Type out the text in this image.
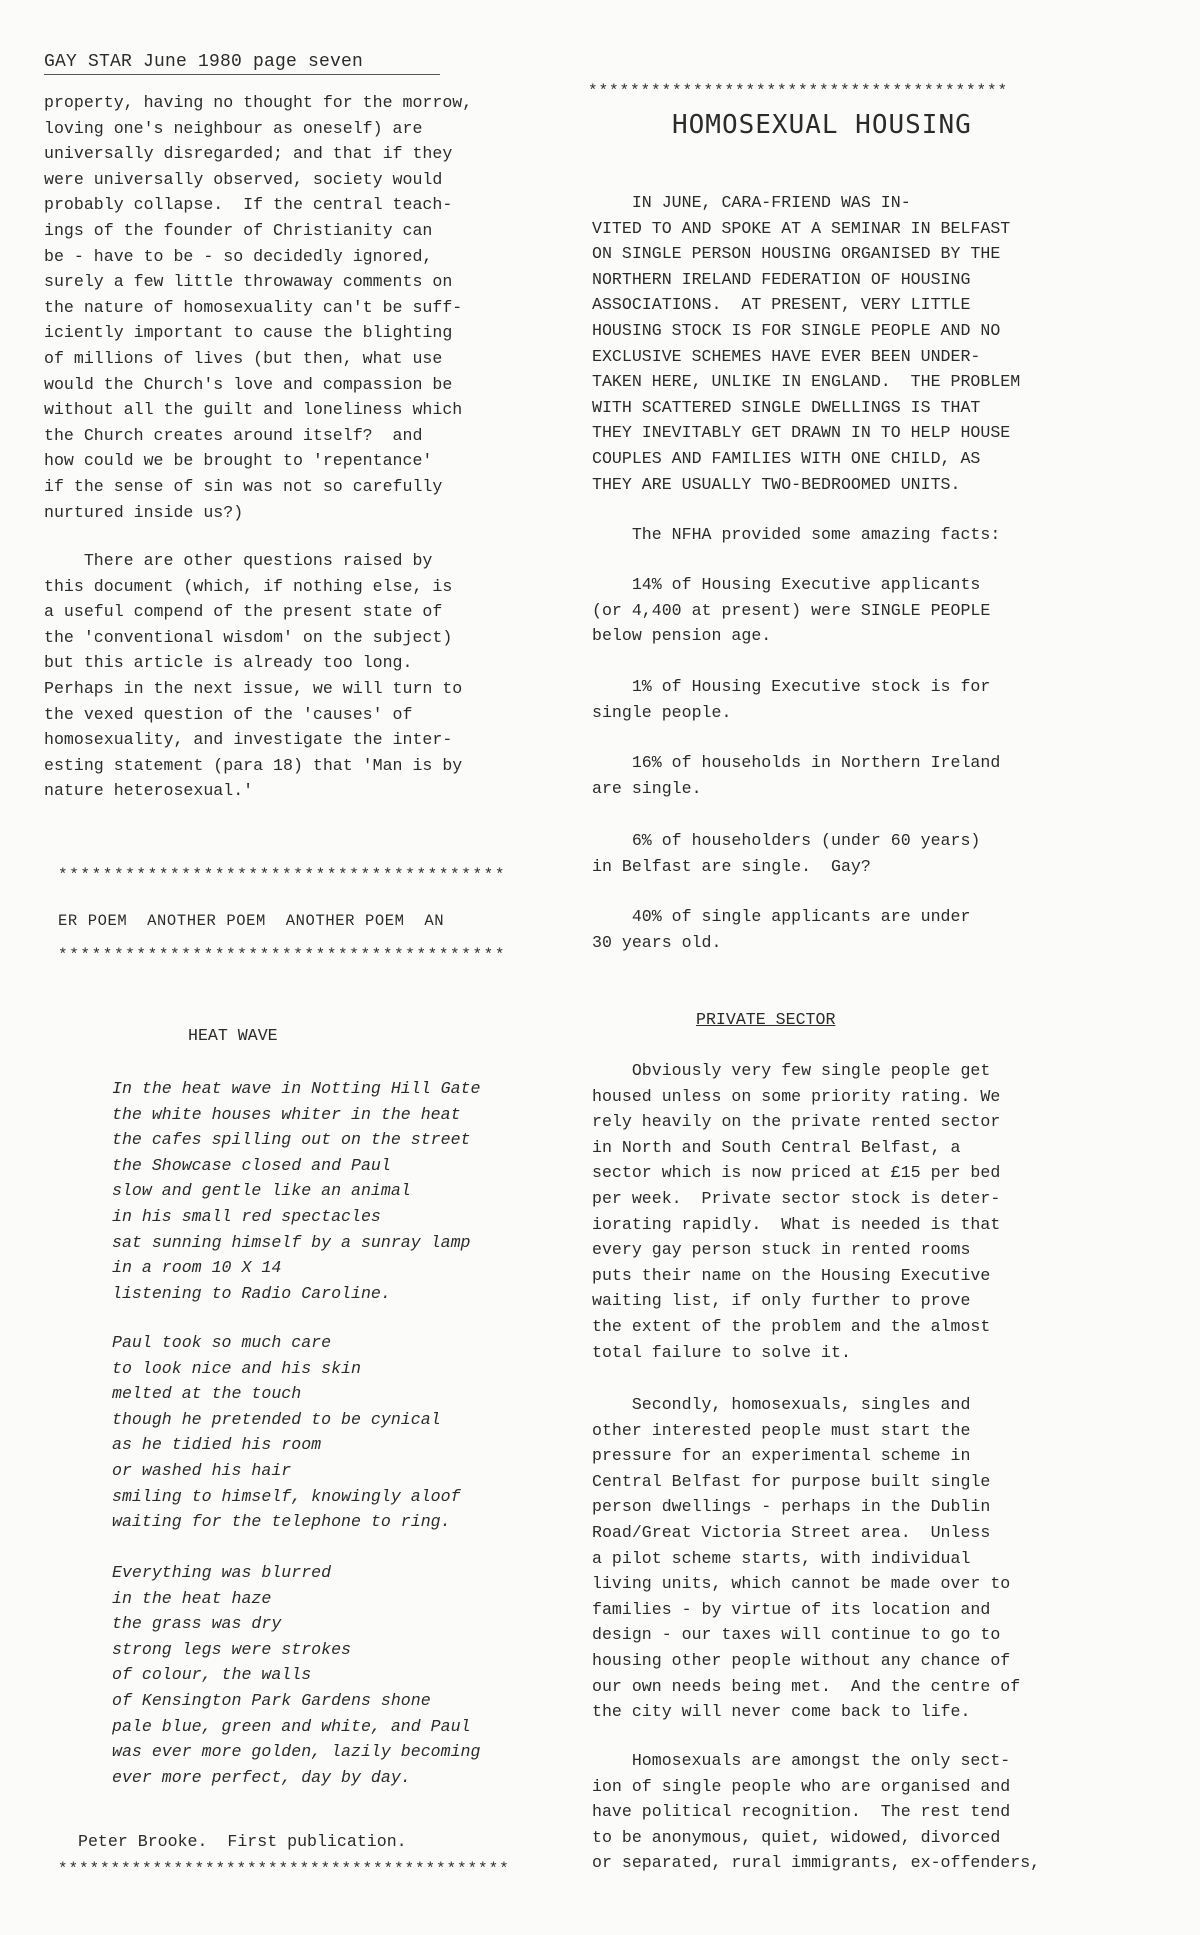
GAY STAR June 1980 page seven
property, having no thought for the morrow,
loving one's neighbour as oneself) are
universally disregarded; and that if they
were universally observed, society would
probably collapse.  If the central teach-
ings of the founder of Christianity can
be - have to be - so decidedly ignored,
surely a few little throwaway comments on
the nature of homosexuality can't be suff-
iciently important to cause the blighting
of millions of lives (but then, what use
would the Church's love and compassion be
without all the guilt and loneliness which
the Church creates around itself?  and
how could we be brought to 'repentance'
if the sense of sin was not so carefully
nurtured inside us?)
There are other questions raised by
this document (which, if nothing else, is
a useful compend of the present state of
the 'conventional wisdom' on the subject)
but this article is already too long.
Perhaps in the next issue, we will turn to
the vexed question of the 'causes' of
homosexuality, and investigate the inter-
esting statement (para 18) that 'Man is by
nature heterosexual.'
****************************************
ER POEM  ANOTHER POEM  ANOTHER POEM  AN
****************************************
HEAT WAVE
In the heat wave in Notting Hill Gate
the white houses whiter in the heat
the cafes spilling out on the street
the Showcase closed and Paul
slow and gentle like an animal
in his small red spectacles
sat sunning himself by a sunray lamp
in a room 10 X 14
listening to Radio Caroline.
Paul took so much care
to look nice and his skin
melted at the touch
though he pretended to be cynical
as he tidied his room
or washed his hair
smiling to himself, knowingly aloof
waiting for the telephone to ring.
Everything was blurred
in the heat haze
the grass was dry
strong legs were strokes
of colour, the walls
of Kensington Park Gardens shone
pale blue, green and white, and Paul
was ever more golden, lazily becoming
ever more perfect, day by day.
Peter Brooke.  First publication.
*******************************************
****************************************
HOMOSEXUAL HOUSING
IN JUNE, CARA-FRIEND WAS IN-
VITED TO AND SPOKE AT A SEMINAR IN BELFAST
ON SINGLE PERSON HOUSING ORGANISED BY THE
NORTHERN IRELAND FEDERATION OF HOUSING
ASSOCIATIONS.  AT PRESENT, VERY LITTLE
HOUSING STOCK IS FOR SINGLE PEOPLE AND NO
EXCLUSIVE SCHEMES HAVE EVER BEEN UNDER-
TAKEN HERE, UNLIKE IN ENGLAND.  THE PROBLEM
WITH SCATTERED SINGLE DWELLINGS IS THAT
THEY INEVITABLY GET DRAWN IN TO HELP HOUSE
COUPLES AND FAMILIES WITH ONE CHILD, AS
THEY ARE USUALLY TWO-BEDROOMED UNITS.
The NFHA provided some amazing facts:
14% of Housing Executive applicants
(or 4,400 at present) were SINGLE PEOPLE
below pension age.
1% of Housing Executive stock is for
single people.
16% of households in Northern Ireland
are single.
6% of householders (under 60 years)
in Belfast are single.  Gay?
40% of single applicants are under
30 years old.
PRIVATE SECTOR
Obviously very few single people get
housed unless on some priority rating. We
rely heavily on the private rented sector
in North and South Central Belfast, a
sector which is now priced at £15 per bed
per week.  Private sector stock is deter-
iorating rapidly.  What is needed is that
every gay person stuck in rented rooms
puts their name on the Housing Executive
waiting list, if only further to prove
the extent of the problem and the almost
total failure to solve it.
Secondly, homosexuals, singles and
other interested people must start the
pressure for an experimental scheme in
Central Belfast for purpose built single
person dwellings - perhaps in the Dublin
Road/Great Victoria Street area.  Unless
a pilot scheme starts, with individual
living units, which cannot be made over to
families - by virtue of its location and
design - our taxes will continue to go to
housing other people without any chance of
our own needs being met.  And the centre of
the city will never come back to life.
Homosexuals are amongst the only sect-
ion of single people who are organised and
have political recognition.  The rest tend
to be anonymous, quiet, widowed, divorced
or separated, rural immigrants, ex-offenders,
